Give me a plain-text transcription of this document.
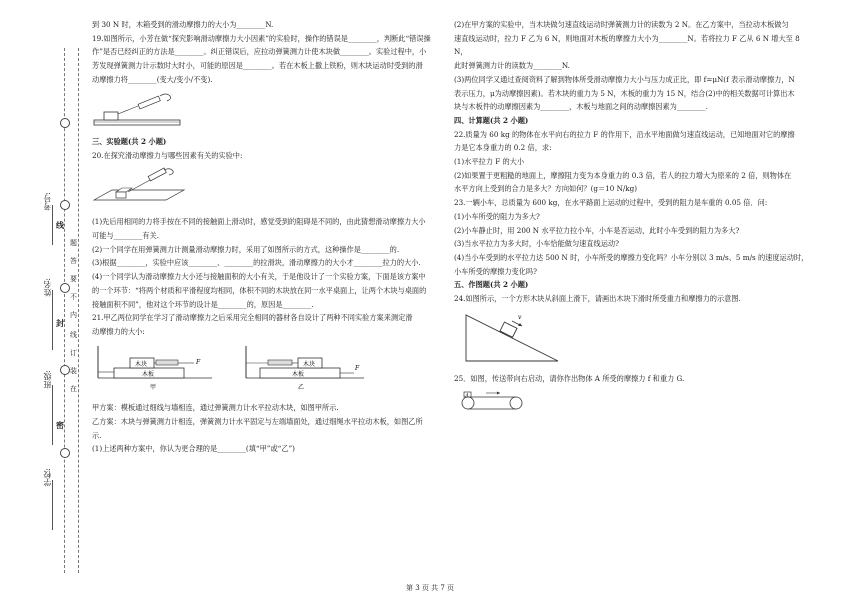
学校:
班级:
姓名:
考号:
题
答
要
不
内
线
订
装
在
线
封
密

到 30 N 时，木箱受到的滑动摩擦力的大小为________N.

19.如图所示，小芳在做“探究影响滑动摩擦力大小因素”的实验时，操作的错误是________，判断此“错误操

作”是否已经纠正的方法是________。纠正错误后，应拉动弹簧测力计使木块做________。实验过程中，小

芳发现弹簧测力计示数时大时小，可能的原因是________。若在木板上撒上铁粉，则木块运动时受到的滑

动摩擦力将________(变大/变小/不变).

三、实验题(共 2 小题)

20.在探究滑动摩擦力与哪些因素有关的实验中:

(1)先后用相同的力将手按在不同的接触面上滑动时，感觉受到的阻碍是不同的，由此猜想滑动摩擦力大小

可能与________有关.

(2)一个同学在用弹簧测力计测量滑动摩擦力时，采用了如图所示的方式，这种操作是________的.

(3)根据________，实验中应该________、________的拉滑块，滑动摩擦力的大小才________拉力的大小.

(4)一个同学认为滑动摩擦力大小还与接触面积的大小有关，于是他设计了一个实验方案，下面是该方案中

的一个环节：“将两个材质和平滑程度均相同，体积不同的木块放在同一水平桌面上，让两个木块与桌面的

接触面积不同”，他对这个环节的设计是________的，原因是________.

21.甲乙两位同学在学习了滑动摩擦力之后采用完全相同的器材各自设计了两种不同实验方案来测定滑

动摩擦力的大小:

木块
木板
F
甲
木板
木块
F
乙

甲方案：模板通过细线与墙相连，通过弹簧测力计水平拉动木块，如图甲所示.

乙方案：木块与弹簧测力计相连，弹簧测力计水平固定与左端墙面处，通过细绳水平拉动木板，如图乙所

示.

(1)上述两种方案中，你认为更合理的是________(填“甲”或“乙”)

(2)在甲方案的实验中，当木块做匀速直线运动时弹簧测力计的读数为 2 N。在乙方案中，当拉动木板做匀

速直线运动时，拉力 F 乙为 6 N，则地面对木板的摩擦力大小为________N。若将拉力 F 乙从 6 N 增大至 8 N，

此时弹簧测力计的读数为________N.

(3)两位同学又通过查阅资料了解到物体所受滑动摩擦力大小与压力成正比，即 f=μN(f 表示滑动摩擦力，N

表示压力，μ为动摩擦因素)。若木块的重力为 5 N，木板的重力为 15 N，结合(2)中的相关数据可计算出木

块与木板件的动摩擦因素为________，木板与地面之间的动摩擦因素为________.

四、计算题(共 2 小题)

22.质量为 60 kg 的物体在水平向右的拉力 F 的作用下，沿水平地面做匀速直线运动，已知地面对它的摩擦

力是它本身重力的 0.2 倍，求:

(1)水平拉力 F 的大小

(2)如果置于更粗糙的地面上，摩擦阻力变为本身重力的 0.3 倍，若人的拉力增大为原来的 2 倍，则物体在

水平方向上受到的合力是多大？方向如何？(g＝10 N/kg)

23.一辆小车，总质量为 600 kg，在水平路面上运动的过程中，受到的阻力是车重的 0.05 倍．问:

(1)小车所受的阻力为多大?

(2)小车静止时，用 200 N 水平拉力拉小车，小车是否运动，此时小车受到的阻力为多大?

(3)当水平拉力为多大时，小车恰能做匀速直线运动?

(4)当小车受到的水平拉力达 500 N 时，小车所受的摩擦力变化吗？小车分别以 3 m/s、5 m/s 的速度运动时，

小车所受的摩擦力变化吗?

五、作图题(共 2 小题)

24.如图所示，一个方形木块从斜面上滑下，请画出木块下滑时所受重力和摩擦力的示意图.

v

25．如图，传送带向右启动，请你作出物体 A 所受的摩擦力 f 和重力 G.

A
第 3 页 共 7 页
